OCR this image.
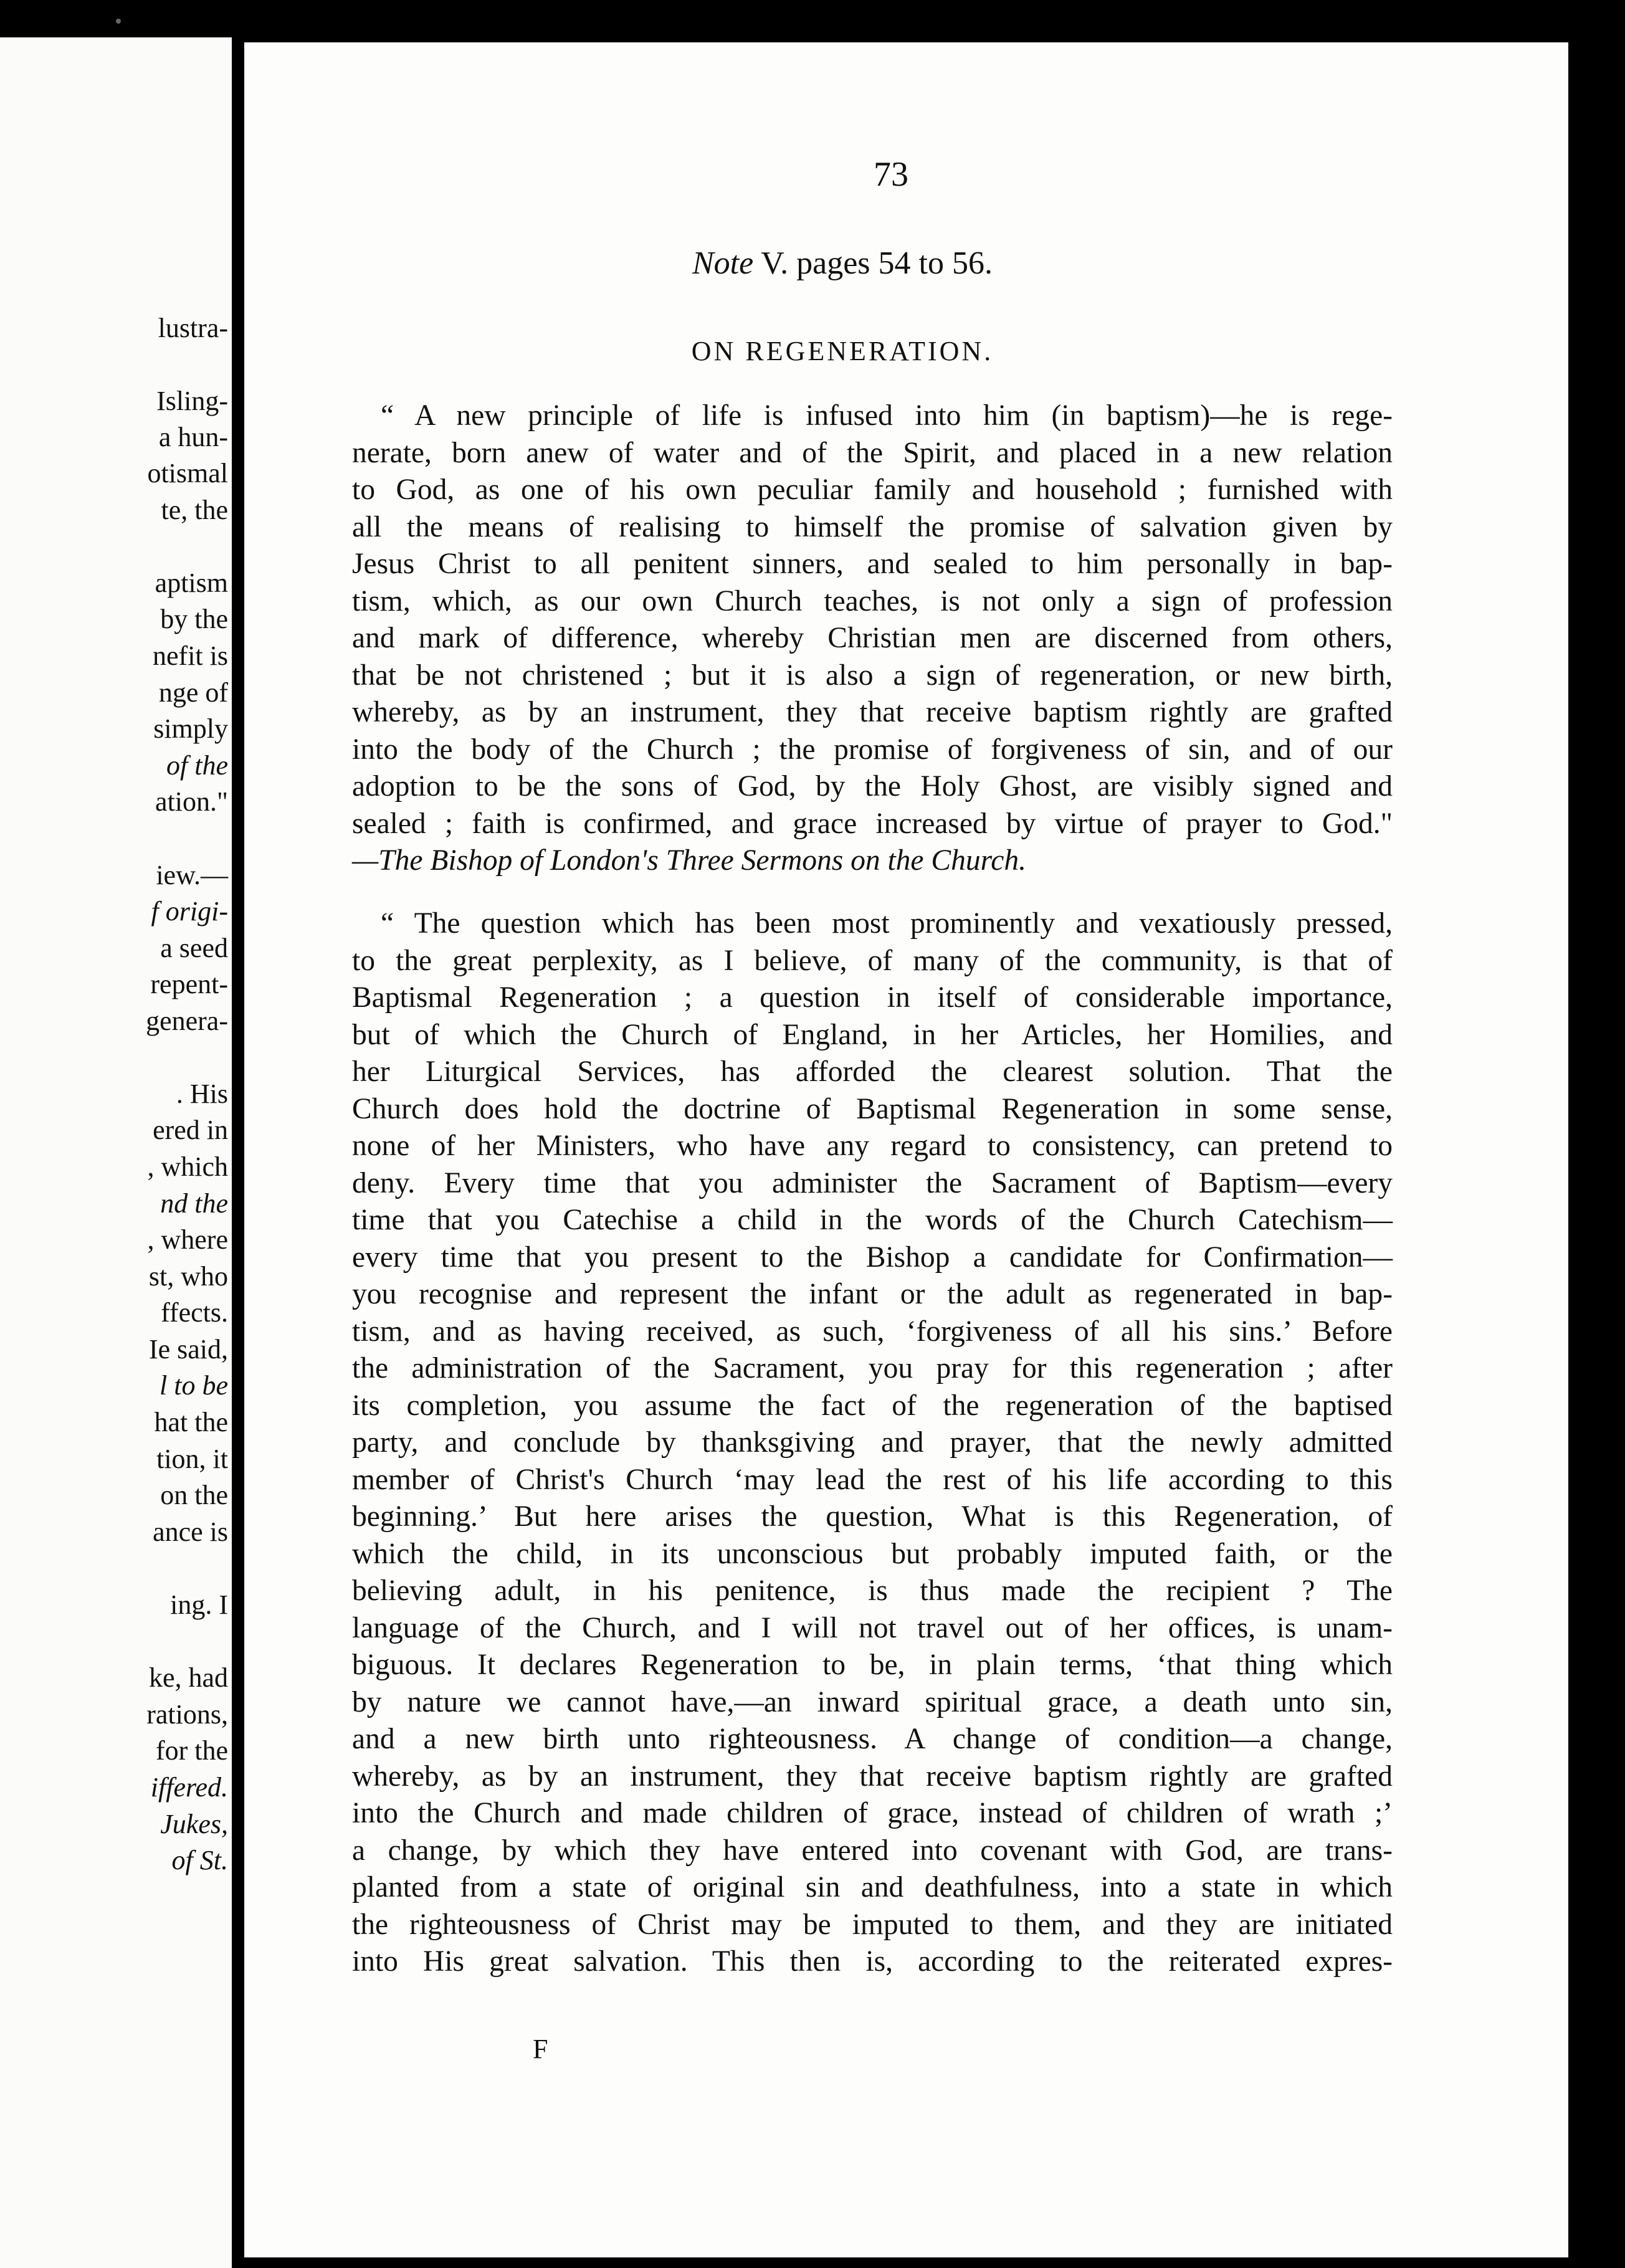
lustra-
Isling-
a hun-
otismal
te, the
aptism
by the
nefit is
nge of
simply
of the
ation."
iew.—
f origi-
a seed
repent-
genera-
. His
ered in
, which
nd the
, where
st, who
ffects.
Ie said,
l to be
hat the
tion, it
on the
ance is
ing. I
ke, had
rations,
for the
iffered.
Jukes,
of St.
73
Note V. pages 54 to 56.
ON REGENERATION.
“ A new principle of life is infused into him (in baptism)—he is rege-
nerate, born anew of water and of the Spirit, and placed in a new relation
to God, as one of his own peculiar family and household ; furnished with
all the means of realising to himself the promise of salvation given by
Jesus Christ to all penitent sinners, and sealed to him personally in bap-
tism, which, as our own Church teaches, is not only a sign of profession
and mark of difference, whereby Christian men are discerned from others,
that be not christened ; but it is also a sign of regeneration, or new birth,
whereby, as by an instrument, they that receive baptism rightly are grafted
into the body of the Church ; the promise of forgiveness of sin, and of our
adoption to be the sons of God, by the Holy Ghost, are visibly signed and
sealed ; faith is confirmed, and grace increased by virtue of prayer to God."
—The Bishop of London's Three Sermons on the Church.
“ The question which has been most prominently and vexatiously pressed,
to the great perplexity, as I believe, of many of the community, is that of
Baptismal Regeneration ; a question in itself of considerable importance,
but of which the Church of England, in her Articles, her Homilies, and
her Liturgical Services, has afforded the clearest solution. That the
Church does hold the doctrine of Baptismal Regeneration in some sense,
none of her Ministers, who have any regard to consistency, can pretend to
deny. Every time that you administer the Sacrament of Baptism—every
time that you Catechise a child in the words of the Church Catechism—
every time that you present to the Bishop a candidate for Confirmation—
you recognise and represent the infant or the adult as regenerated in bap-
tism, and as having received, as such, ‘forgiveness of all his sins.’ Before
the administration of the Sacrament, you pray for this regeneration ; after
its completion, you assume the fact of the regeneration of the baptised
party, and conclude by thanksgiving and prayer, that the newly admitted
member of Christ's Church ‘may lead the rest of his life according to this
beginning.’ But here arises the question, What is this Regeneration, of
which the child, in its unconscious but probably imputed faith, or the
believing adult, in his penitence, is thus made the recipient ? The
language of the Church, and I will not travel out of her offices, is unam-
biguous. It declares Regeneration to be, in plain terms, ‘that thing which
by nature we cannot have,—an inward spiritual grace, a death unto sin,
and a new birth unto righteousness. A change of condition—a change,
whereby, as by an instrument, they that receive baptism rightly are grafted
into the Church and made children of grace, instead of children of wrath ;’
a change, by which they have entered into covenant with God, are trans-
planted from a state of original sin and deathfulness, into a state in which
the righteousness of Christ may be imputed to them, and they are initiated
into His great salvation. This then is, according to the reiterated expres-
F
